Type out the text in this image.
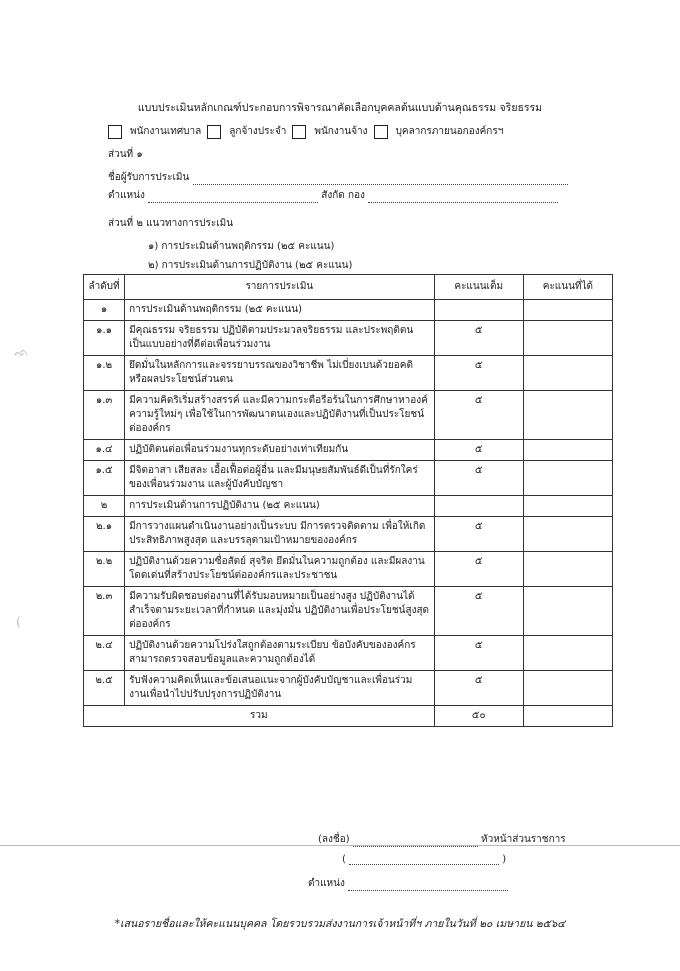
ᨒ
(
แบบประเมินหลักเกณฑ์ประกอบการพิจารณาคัดเลือกบุคคลต้นแบบด้านคุณธรรม จริยธรรม
พนักงานเทศบาล	ลูกจ้างประจำ	พนักงานจ้าง	บุคลากรภายนอกองค์กรฯ
ส่วนที่ ๑
ชื่อผู้รับการประเมิน
ตำแหน่ง	สังกัด กอง
ส่วนที่ ๒ แนวทางการประเมิน
๑) การประเมินด้านพฤติกรรม (๒๕ คะแนน)
๒) การประเมินด้านการปฏิบัติงาน (๒๕ คะแนน)
ลำดับที่	รายการประเมิน	คะแนนเต็ม	คะแนนที่ได้
๑	การประเมินด้านพฤติกรรม (๒๕ คะแนน)		
๑.๑	มีคุณธรรม จริยธรรม ปฏิบัติตามประมวลจริยธรรม และประพฤติตนเป็นแบบอย่างที่ดีต่อเพื่อนร่วมงาน	๕	
๑.๒	ยึดมั่นในหลักการและจรรยาบรรณของวิชาชีพ ไม่เบี่ยงเบนด้วยอคติหรือผลประโยชน์ส่วนตน	๕	
๑.๓	มีความคิดริเริ่มสร้างสรรค์ และมีความกระตือรือร้นในการศึกษาหาองค์ความรู้ใหม่ๆ เพื่อใช้ในการพัฒนาตนเองและปฏิบัติงานที่เป็นประโยชน์ต่อองค์กร	๕	
๑.๔	ปฏิบัติตนต่อเพื่อนร่วมงานทุกระดับอย่างเท่าเทียมกัน	๕	
๑.๕	มีจิตอาสา เสียสละ เอื้อเฟื้อต่อผู้อื่น และมีมนุษยสัมพันธ์ดีเป็นที่รักใคร่ของเพื่อนร่วมงาน และผู้บังคับบัญชา	๕	
๒	การประเมินด้านการปฏิบัติงาน (๒๕ คะแนน)		
๒.๑	มีการวางแผนดำเนินงานอย่างเป็นระบบ มีการตรวจติดตาม เพื่อให้เกิดประสิทธิภาพสูงสุด และบรรลุตามเป้าหมายขององค์กร	๕	
๒.๒	ปฏิบัติงานด้วยความซื่อสัตย์ สุจริต ยึดมั่นในความถูกต้อง และมีผลงานโดดเด่นที่สร้างประโยชน์ต่อองค์กรและประชาชน	๕	
๒.๓	มีความรับผิดชอบต่องานที่ได้รับมอบหมายเป็นอย่างสูง ปฏิบัติงานได้สำเร็จตามระยะเวลาที่กำหนด และมุ่งมั่น ปฏิบัติงานเพื่อประโยชน์สูงสุดต่อองค์กร	๕	
๒.๔	ปฏิบัติงานด้วยความโปร่งใสถูกต้องตามระเบียบ ข้อบังคับขององค์กร สามารถตรวจสอบข้อมูลและความถูกต้องได้	๕	
๒.๕	รับฟังความคิดเห็นและข้อเสนอแนะจากผู้บังคับบัญชาและเพื่อนร่วมงานเพื่อนำไปปรับปรุงการปฏิบัติงาน	๕	
รวม		๕๐	
(ลงชื่อ)	หัวหน้าส่วนราชการ
(	)
ตำแหน่ง
*เสนอรายชื่อและให้คะแนนบุคคล โดยรวบรวมส่งงานการเจ้าหน้าที่ฯ ภายในวันที่ ๒๐ เมษายน ๒๕๖๔
